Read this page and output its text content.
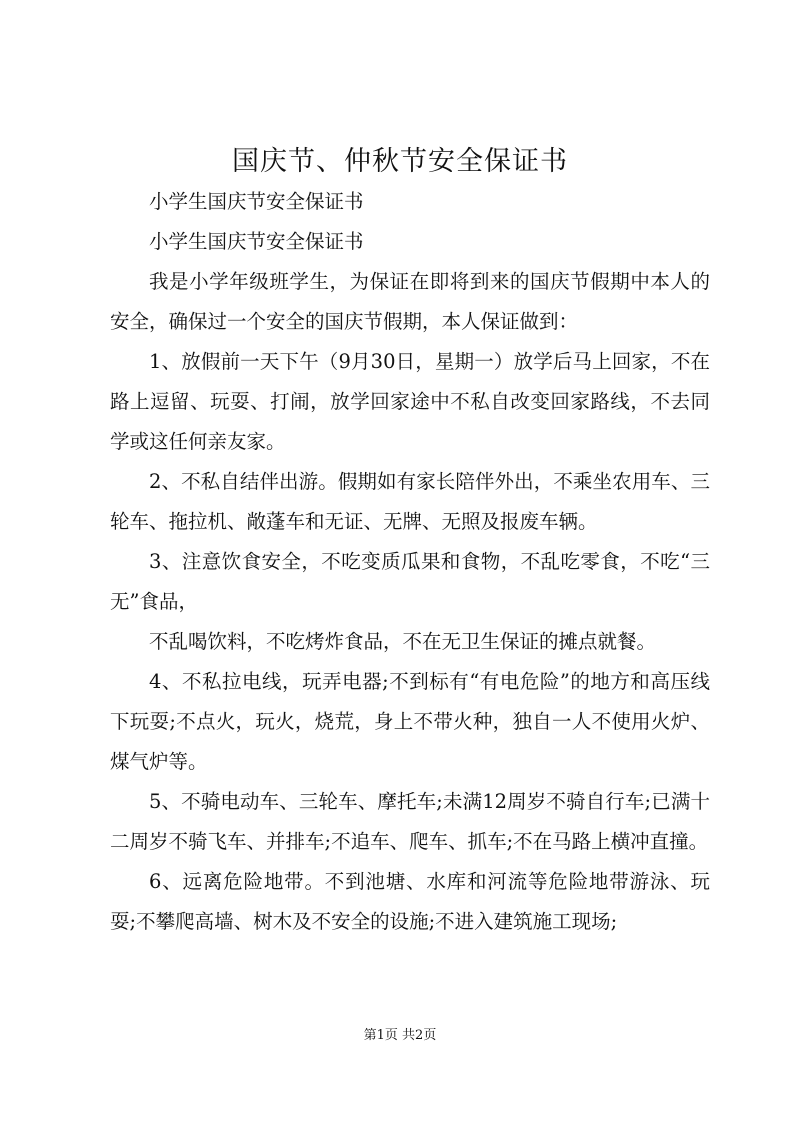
国庆节、仲秋节安全保证书

小学生国庆节安全保证书

小学生国庆节安全保证书

我是小学年级班学生，为保证在即将到来的国庆节假期中本人的安全，确保过一个安全的国庆节假期，本人保证做到：

1、放假前一天下午（9月30日，星期一）放学后马上回家，不在路上逗留、玩耍、打闹，放学回家途中不私自改变回家路线，不去同学或这任何亲友家。

2、不私自结伴出游。假期如有家长陪伴外出，不乘坐农用车、三轮车、拖拉机、敞蓬车和无证、无牌、无照及报废车辆。

3、注意饮食安全，不吃变质瓜果和食物，不乱吃零食，不吃“三无”食品，

不乱喝饮料，不吃烤炸食品，不在无卫生保证的摊点就餐。

4、不私拉电线，玩弄电器;不到标有“有电危险”的地方和高压线下玩耍;不点火，玩火，烧荒，身上不带火种，独自一人不使用火炉、煤气炉等。

5、不骑电动车、三轮车、摩托车;未满12周岁不骑自行车;已满十二周岁不骑飞车、并排车;不追车、爬车、抓车;不在马路上横冲直撞。

6、远离危险地带。不到池塘、水库和河流等危险地带游泳、玩耍;不攀爬高墙、树木及不安全的设施;不进入建筑施工现场;

第1页 共2页
